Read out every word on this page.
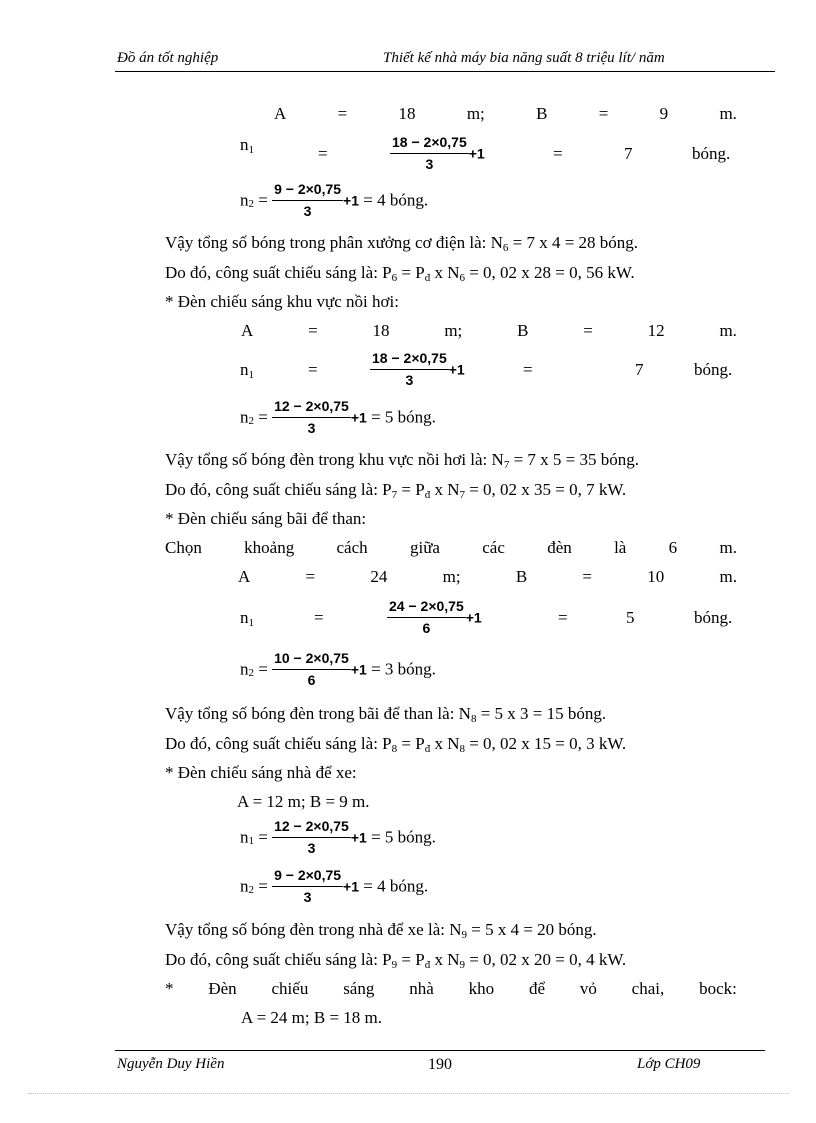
Đồ án tốt nghiệp	Thiết kế nhà máy bia năng suất 8 triệu lít/ năm
A	=	18	m;	B	=	9	m.
$n_1$	=	$\frac{18 - 2\times 0,75}{3} +1$	=	7	bóng.
$n_2 = \frac{9 - 2\times 0,75}{3} +1 = 4$ bóng.
Vậy tổng số bóng trong phân xưởng cơ điện là: $N_6 = 7$ x 4 = 28 bóng.
Do đó, công suất chiếu sáng là: $P_6 = P_đ$ x $N_6 = 0$, 02 x 28 = 0, 56 kW.
* Đèn chiếu sáng khu vực nồi hơi:
A	=	18	m;	B	=	12	m.
$n_1$	=	$\frac{18 - 2\times 0,75}{3} +1$	=	7	bóng.
$n_2 = \frac{12 - 2\times 0,75}{3} +1 = 5$ bóng.
Vậy tổng số bóng đèn trong khu vực nồi hơi là: $N_7 = 7$ x 5 = 35 bóng.
Do đó, công suất chiếu sáng là: $P_7 = P_đ$ x $N_7 = 0$, 02 x 35 = 0, 7 kW.
* Đèn chiếu sáng bãi để than:
Chọn khoảng cách giữa các đèn là 6 m.
A	=	24	m;	B	=	10	m.
$n_1$	=	$\frac{24 - 2\times 0,75}{6} +1$	=	5	bóng.
$n_2 = \frac{10 - 2\times 0,75}{6} +1 = 3$ bóng.
Vậy tổng số bóng đèn trong bãi để than là: $N_8 = 5$ x 3 = 15 bóng.
Do đó, công suất chiếu sáng là: $P_8 = P_đ$ x $N_8 = 0$, 02 x 15 = 0, 3 kW.
* Đèn chiếu sáng nhà để xe:
A = 12 m; B = 9 m.
$n_1 = \frac{12 - 2\times 0,75}{3} +1 = 5$ bóng.
$n_2 = \frac{9 - 2\times 0,75}{3} +1 = 4$ bóng.
Vậy tổng số bóng đèn trong nhà để xe là: $N_9 = 5$ x 4 = 20 bóng.
Do đó, công suất chiếu sáng là: $P_9 = P_đ$ x $N_9 = 0$, 02 x 20 = 0, 4 kW.
* Đèn chiếu sáng nhà kho để vỏ chai, bock:
A = 24 m; B = 18 m.
Nguyễn Duy Hiền	190	Lớp CH09
